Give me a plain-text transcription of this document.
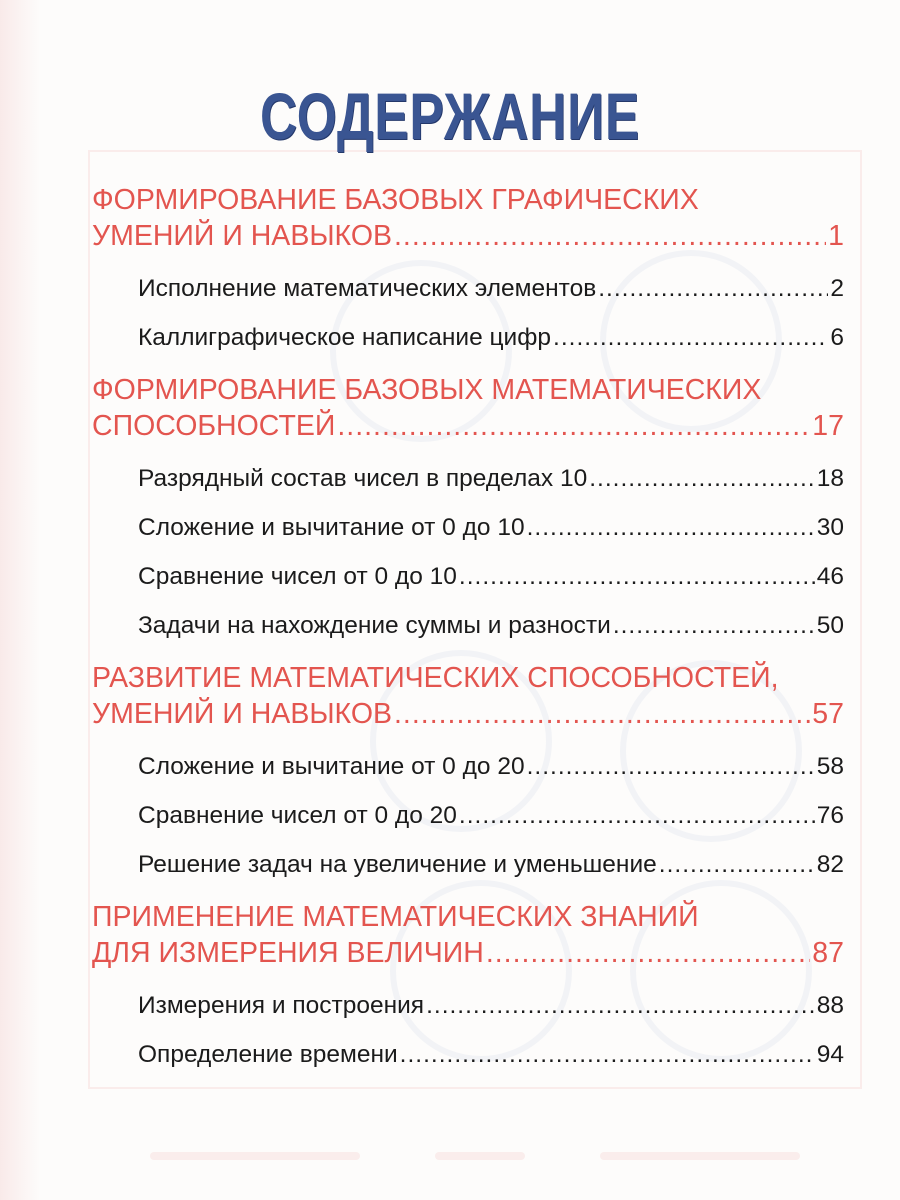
СОДЕРЖАНИЕ
ФОРМИРОВАНИЕ БАЗОВЫХ ГРАФИЧЕСКИХ
УМЕНИЙ И НАВЫКОВ .....	1
Исполнение математических элементов .....	2
Каллиграфическое написание цифр .....	6
ФОРМИРОВАНИЕ БАЗОВЫХ МАТЕМАТИЧЕСКИХ
СПОСОБНОСТЕЙ .....	17
Разрядный состав чисел в пределах 10 .....	18
Сложение и вычитание от 0 до 10 .....	30
Сравнение чисел от 0 до 10 .....	46
Задачи на нахождение суммы и разности .....	50
РАЗВИТИЕ МАТЕМАТИЧЕСКИХ СПОСОБНОСТЕЙ,
УМЕНИЙ И НАВЫКОВ .....	57
Сложение и вычитание от 0 до 20 .....	58
Сравнение чисел от 0 до 20 .....	76
Решение задач на увеличение и уменьшение .....	82
ПРИМЕНЕНИЕ МАТЕМАТИЧЕСКИХ ЗНАНИЙ
ДЛЯ ИЗМЕРЕНИЯ ВЕЛИЧИН .....	87
Измерения и построения .....	88
Определение времени .....	94
